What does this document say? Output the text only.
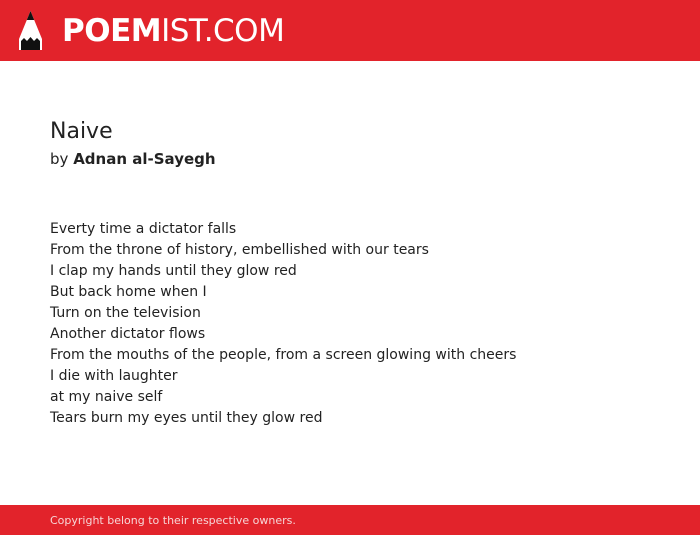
POEMIST.COM
Naive
by Adnan al-Sayegh
Everty time a dictator falls
From the throne of history, embellished with our tears
I clap my hands until they glow red
But back home when I
Turn on the television
Another dictator flows
From the mouths of the people, from a screen glowing with cheers
I die with laughter
at my naive self
Tears burn my eyes until they glow red
Copyright belong to their respective owners.
